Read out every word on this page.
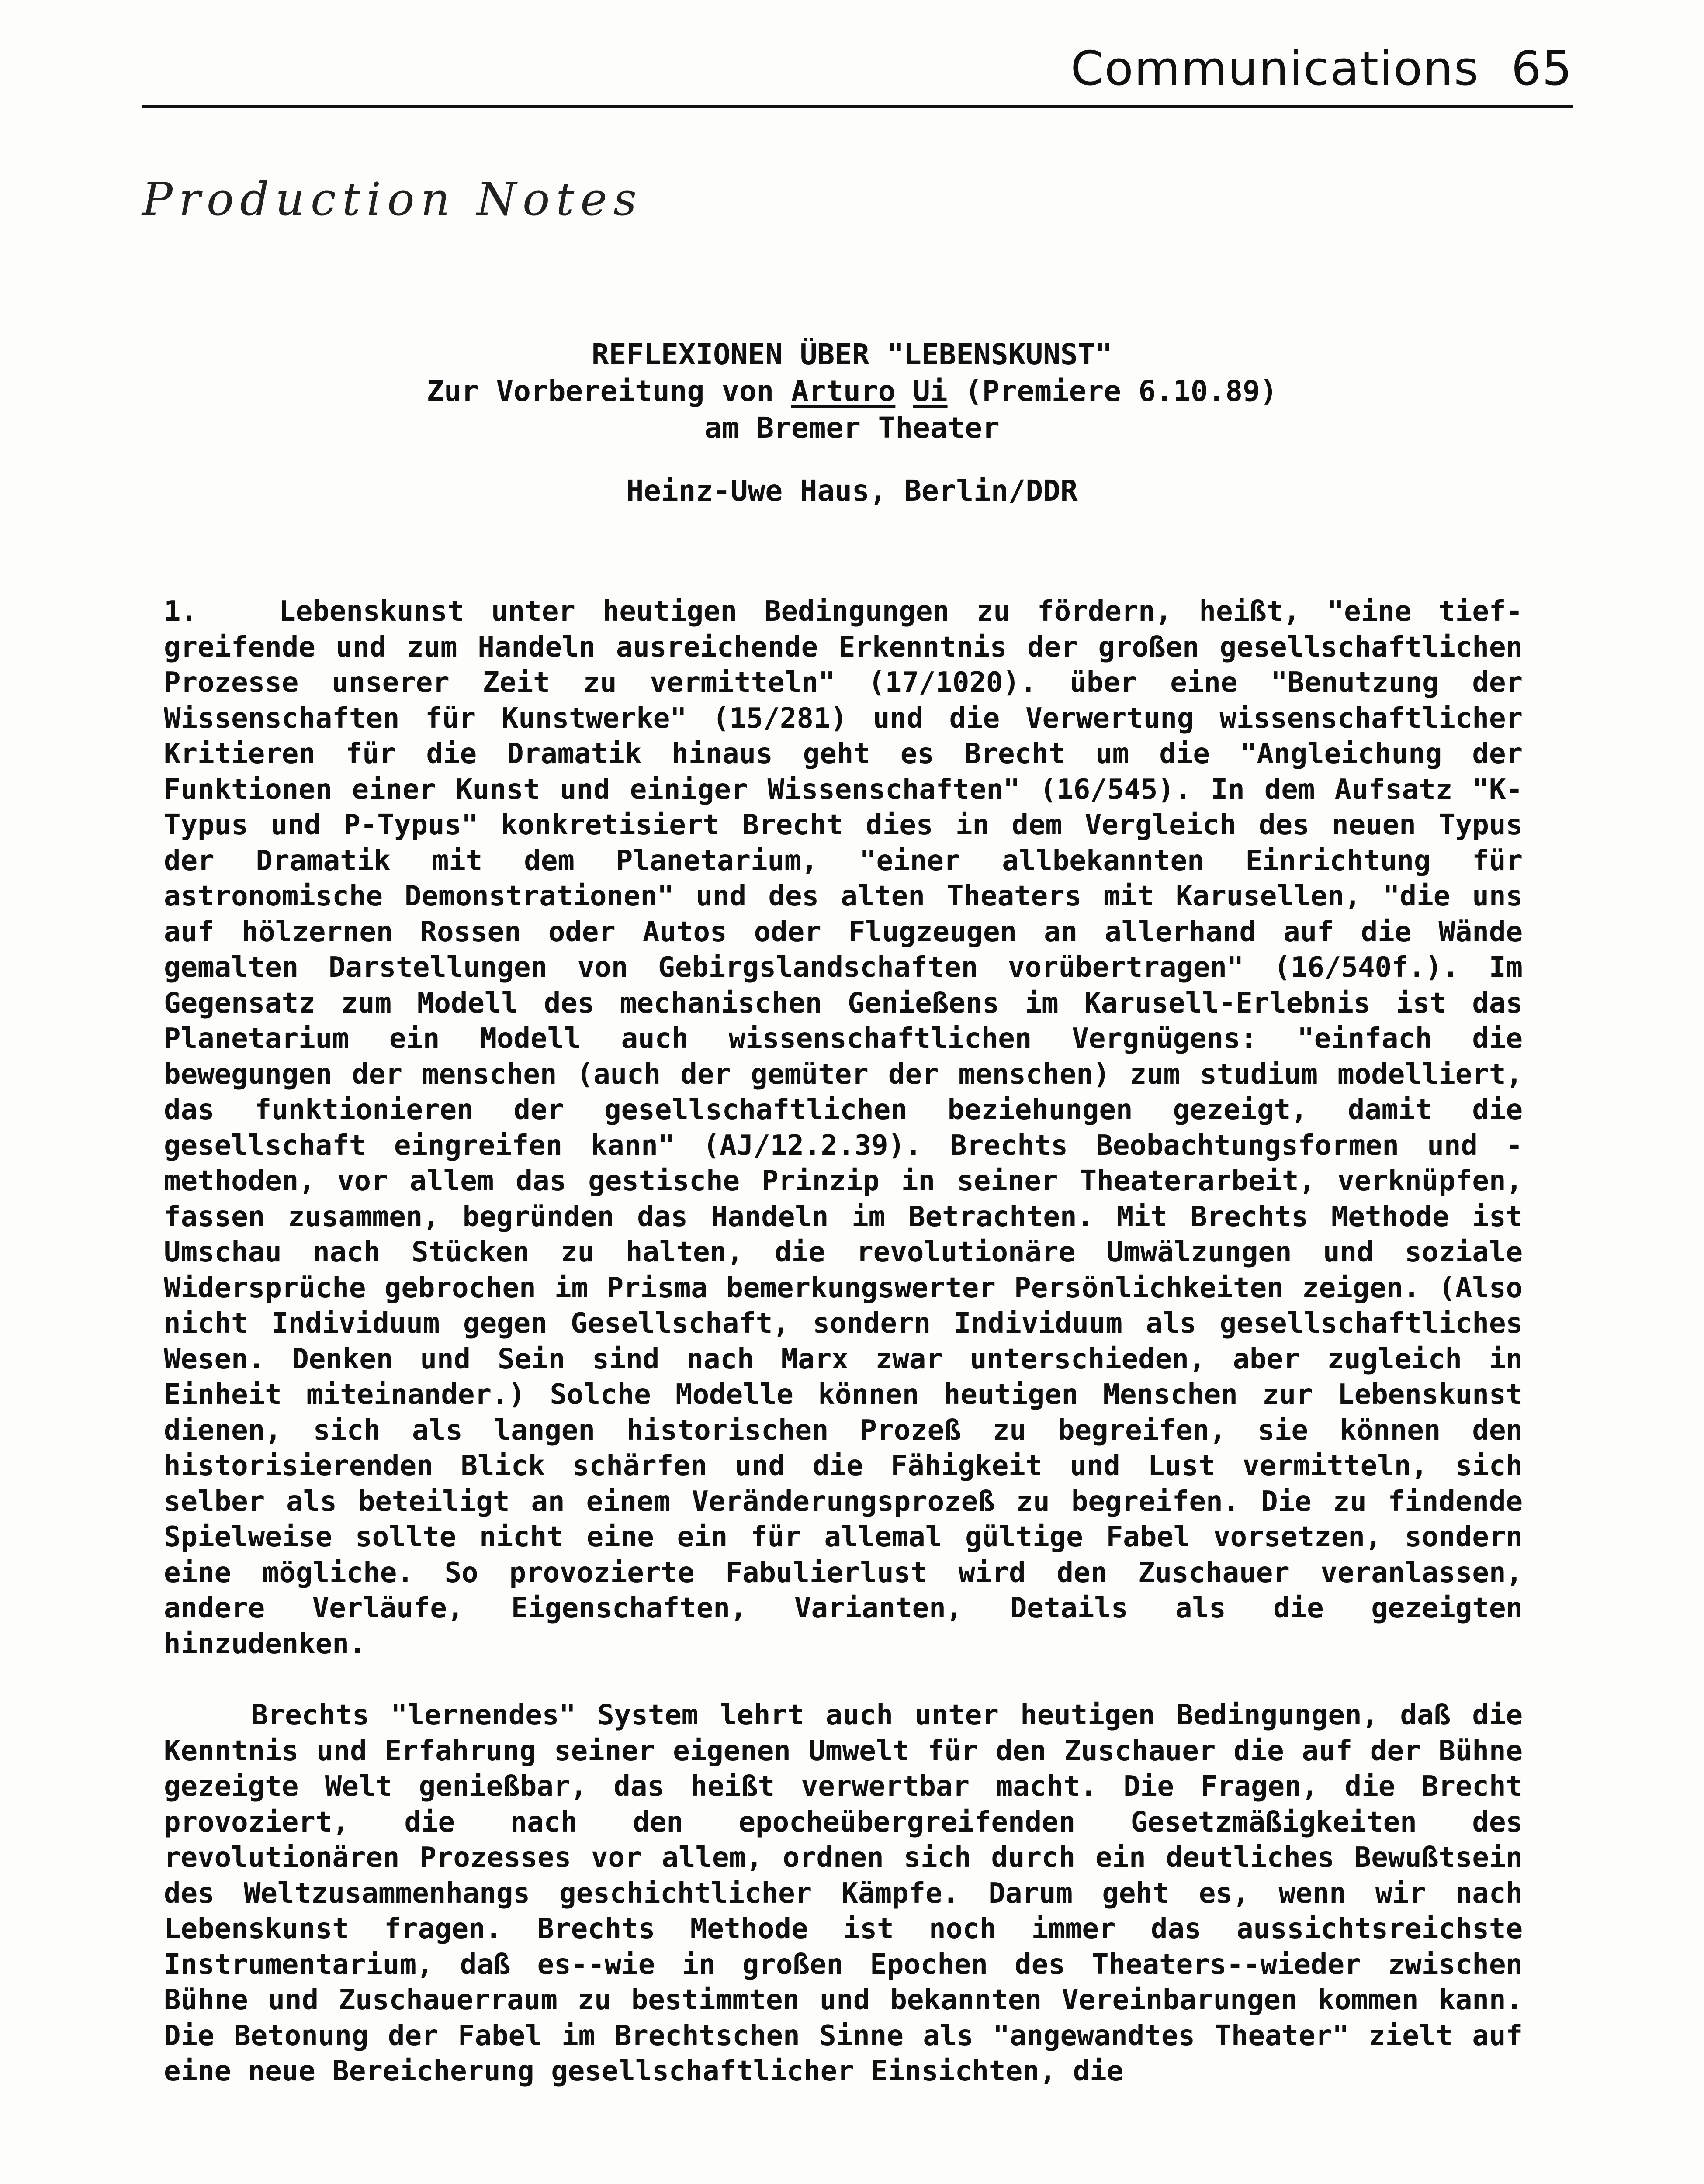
Communications 65
Production Notes
REFLEXIONEN ÜBER "LEBENSKUNST"
Zur Vorbereitung von Arturo Ui (Premiere 6.10.89)
am Bremer Theater
Heinz-Uwe Haus, Berlin/DDR

1.	Lebenskunst unter heutigen Bedingungen zu fördern, heißt, "eine tiefgreifende und zum Handeln ausreichende Erkenntnis der großen gesellschaftlichen Prozesse unserer Zeit zu vermitteln" (17/1020). über eine "Benutzung der Wissenschaften für Kunstwerke" (15/281) und die Verwertung wissenschaftlicher Kritieren für die Dramatik hinaus geht es Brecht um die "Angleichung der Funktionen einer Kunst und einiger Wissenschaften" (16/545). In dem Aufsatz "K-Typus und P-Typus" konkretisiert Brecht dies in dem Vergleich des neuen Typus der Dramatik mit dem Planetarium, "einer allbekannten Einrichtung für astronomische Demonstrationen" und des alten Theaters mit Karusellen, "die uns auf hölzernen Rossen oder Autos oder Flugzeugen an allerhand auf die Wände gemalten Darstellungen von Gebirgslandschaften vorübertragen" (16/540f.). Im Gegensatz zum Modell des mechanischen Genießens im Karusell-Erlebnis ist das Planetarium ein Modell auch wissenschaftlichen Vergnügens: "einfach die bewegungen der menschen (auch der gemüter der menschen) zum studium modelliert, das funktionieren der gesellschaftlichen beziehungen gezeigt, damit die gesellschaft eingreifen kann" (AJ/12.2.39). Brechts Beobachtungsformen und -methoden, vor allem das gestische Prinzip in seiner Theaterarbeit, verknüpfen, fassen zusammen, begründen das Handeln im Betrachten. Mit Brechts Methode ist Umschau nach Stücken zu halten, die revolutionäre Umwälzungen und soziale Widersprüche gebrochen im Prisma bemerkungswerter Persönlichkeiten zeigen. (Also nicht Individuum gegen Gesellschaft, sondern Individuum als gesellschaftliches Wesen. Denken und Sein sind nach Marx zwar unterschieden, aber zugleich in Einheit miteinander.) Solche Modelle können heutigen Menschen zur Lebenskunst dienen, sich als langen historischen Prozeß zu begreifen, sie können den historisierenden Blick schärfen und die Fähigkeit und Lust vermitteln, sich selber als beteiligt an einem Veränderungsprozeß zu begreifen. Die zu findende Spielweise sollte nicht eine ein für allemal gültige Fabel vorsetzen, sondern eine mögliche. So provozierte Fabulierlust wird den Zuschauer veranlassen, andere Verläufe, Eigenschaften, Varianten, Details als die gezeigten hinzudenken.

Brechts "lernendes" System lehrt auch unter heutigen Bedingungen, daß die Kenntnis und Erfahrung seiner eigenen Umwelt für den Zuschauer die auf der Bühne gezeigte Welt genießbar, das heißt verwertbar macht. Die Fragen, die Brecht provoziert, die nach den epocheübergreifenden Gesetzmäßigkeiten des revolutionären Prozesses vor allem, ordnen sich durch ein deutliches Bewußtsein des Weltzusammenhangs geschichtlicher Kämpfe. Darum geht es, wenn wir nach Lebenskunst fragen. Brechts Methode ist noch immer das aussichtsreichste Instrumentarium, daß es--wie in großen Epochen des Theaters--wieder zwischen Bühne und Zuschauerraum zu bestimmten und bekannten Vereinbarungen kommen kann. Die Betonung der Fabel im Brechtschen Sinne als "angewandtes Theater" zielt auf eine neue Bereicherung gesellschaftlicher Einsichten, die
